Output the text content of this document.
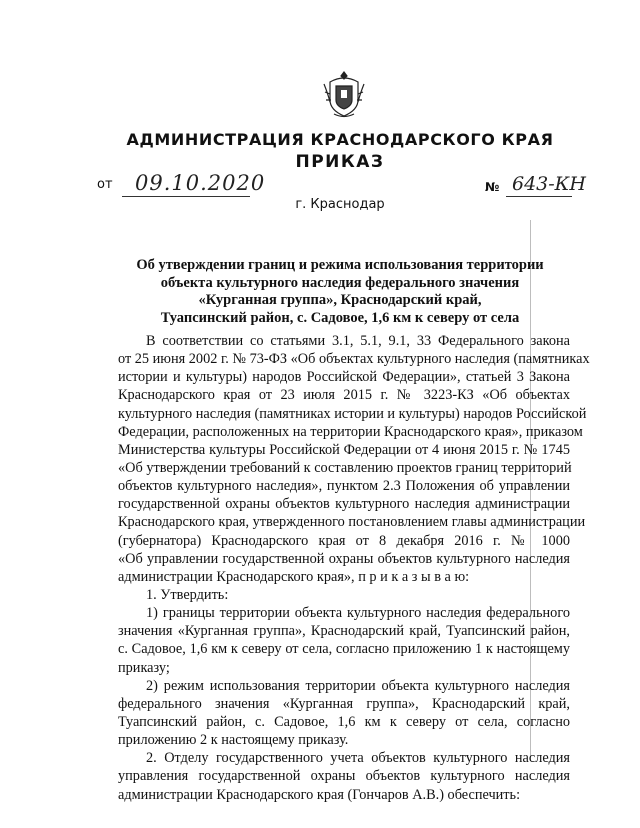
АДМИНИСТРАЦИЯ КРАСНОДАРСКОГО КРАЯ
ПРИКАЗ
от 09.10.2020	№ 643-КН
г. Краснодар
Об утверждении границ и режима использования территории
объекта культурного наследия федерального значения
«Курганная группа», Краснодарский край,
Туапсинский район, с. Садовое, 1,6 км к северу от села
В соответствии со статьями 3.1, 5.1, 9.1, 33 Федерального закона
от 25 июня 2002 г. № 73-ФЗ «Об объектах культурного наследия (памятниках
истории и культуры) народов Российской Федерации», статьей 3 Закона
Краснодарского края от 23 июля 2015 г. № 3223-КЗ «Об объектах
культурного наследия (памятниках истории и культуры) народов Российской
Федерации, расположенных на территории Краснодарского края», приказом
Министерства культуры Российской Федерации от 4 июня 2015 г. № 1745
«Об утверждении требований к составлению проектов границ территорий
объектов культурного наследия», пунктом 2.3 Положения об управлении
государственной охраны объектов культурного наследия администрации
Краснодарского края, утвержденного постановлением главы администрации
(губернатора) Краснодарского края от 8 декабря 2016 г. № 1000
«Об управлении государственной охраны объектов культурного наследия
администрации Краснодарского края», п р и к а з ы в а ю:
1. Утвердить:
1) границы территории объекта культурного наследия федерального
значения «Курганная группа», Краснодарский край, Туапсинский район,
с. Садовое, 1,6 км к северу от села, согласно приложению 1 к настоящему
приказу;
2) режим использования территории объекта культурного наследия
федерального значения «Курганная группа», Краснодарский край,
Туапсинский район, с. Садовое, 1,6 км к северу от села, согласно
приложению 2 к настоящему приказу.
2. Отделу государственного учета объектов культурного наследия
управления государственной охраны объектов культурного наследия
администрации Краснодарского края (Гончаров А.В.) обеспечить:
